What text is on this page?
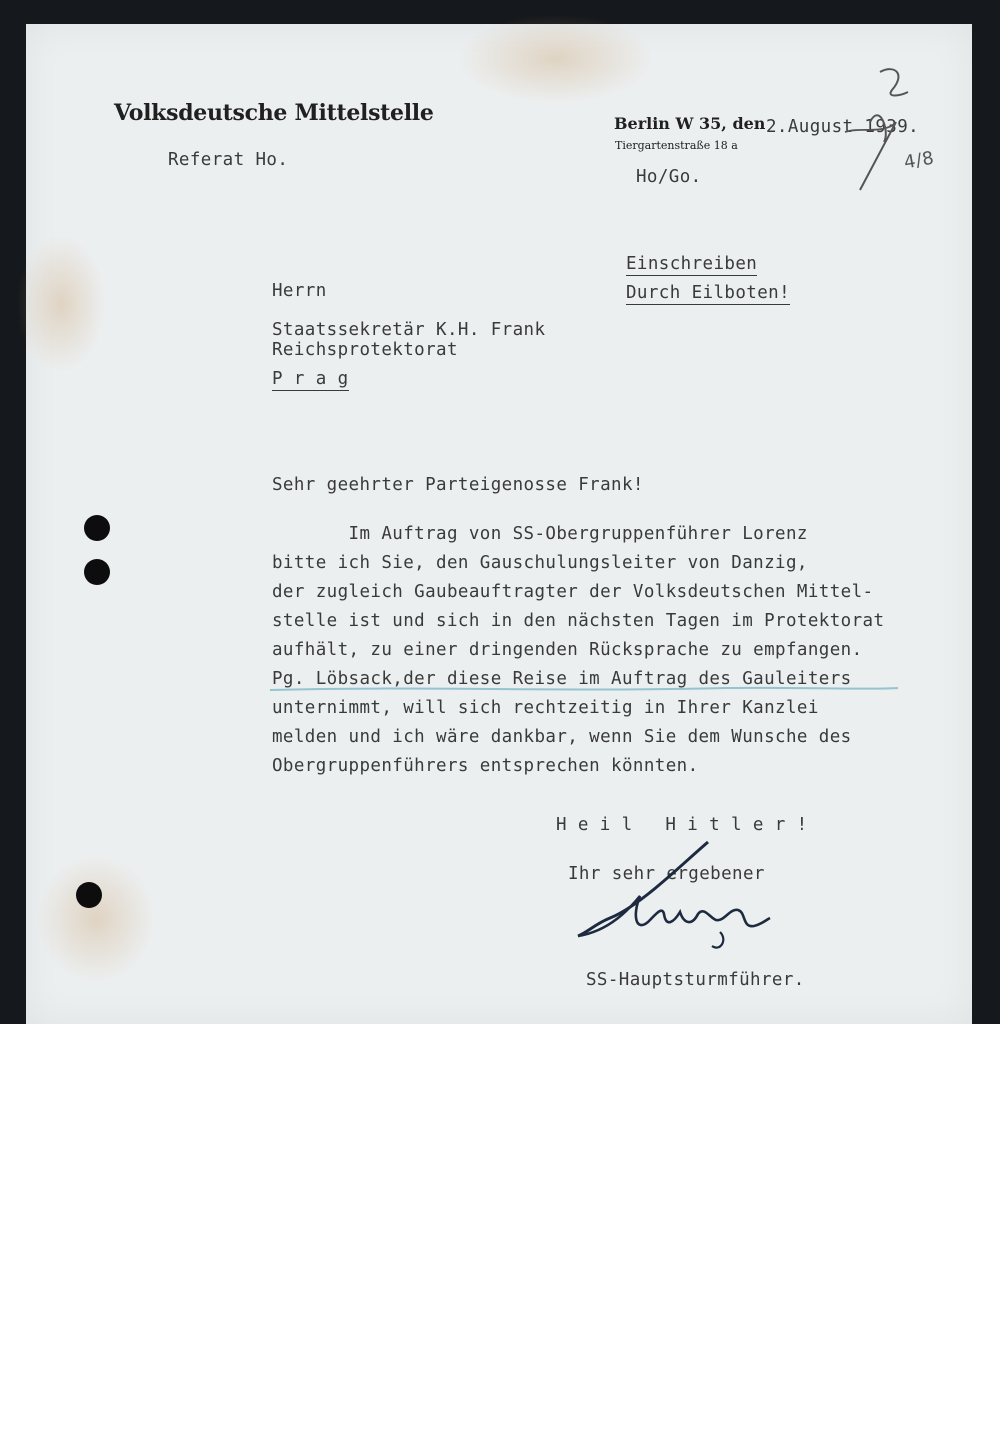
Volksdeutsche Mittelstelle	Berlin W 35, den
Tiergartenstraße 18 a
Referat Ho.
2.August 1939.
Ho/Go.
4/8
Einschreiben
Durch Eilboten!
Herrn
Staatssekretär K.H. Frank
Reichsprotektorat
P r a g
Sehr geehrter Parteigenosse Frank!
Im Auftrag von SS-Obergruppenführer Lorenz
bitte ich Sie, den Gauschulungsleiter von Danzig,
der zugleich Gaubeauftragter der Volksdeutschen Mittel-
stelle ist und sich in den nächsten Tagen im Protektorat
aufhält, zu einer dringenden Rücksprache zu empfangen.
Pg. Löbsack,der diese Reise im Auftrag des Gauleiters
unternimmt, will sich rechtzeitig in Ihrer Kanzlei
melden und ich wäre dankbar, wenn Sie dem Wunsche des
Obergruppenführers entsprechen könnten.
H e i l   H i t l e r !
Ihr sehr ergebener
SS-Hauptsturmführer.
